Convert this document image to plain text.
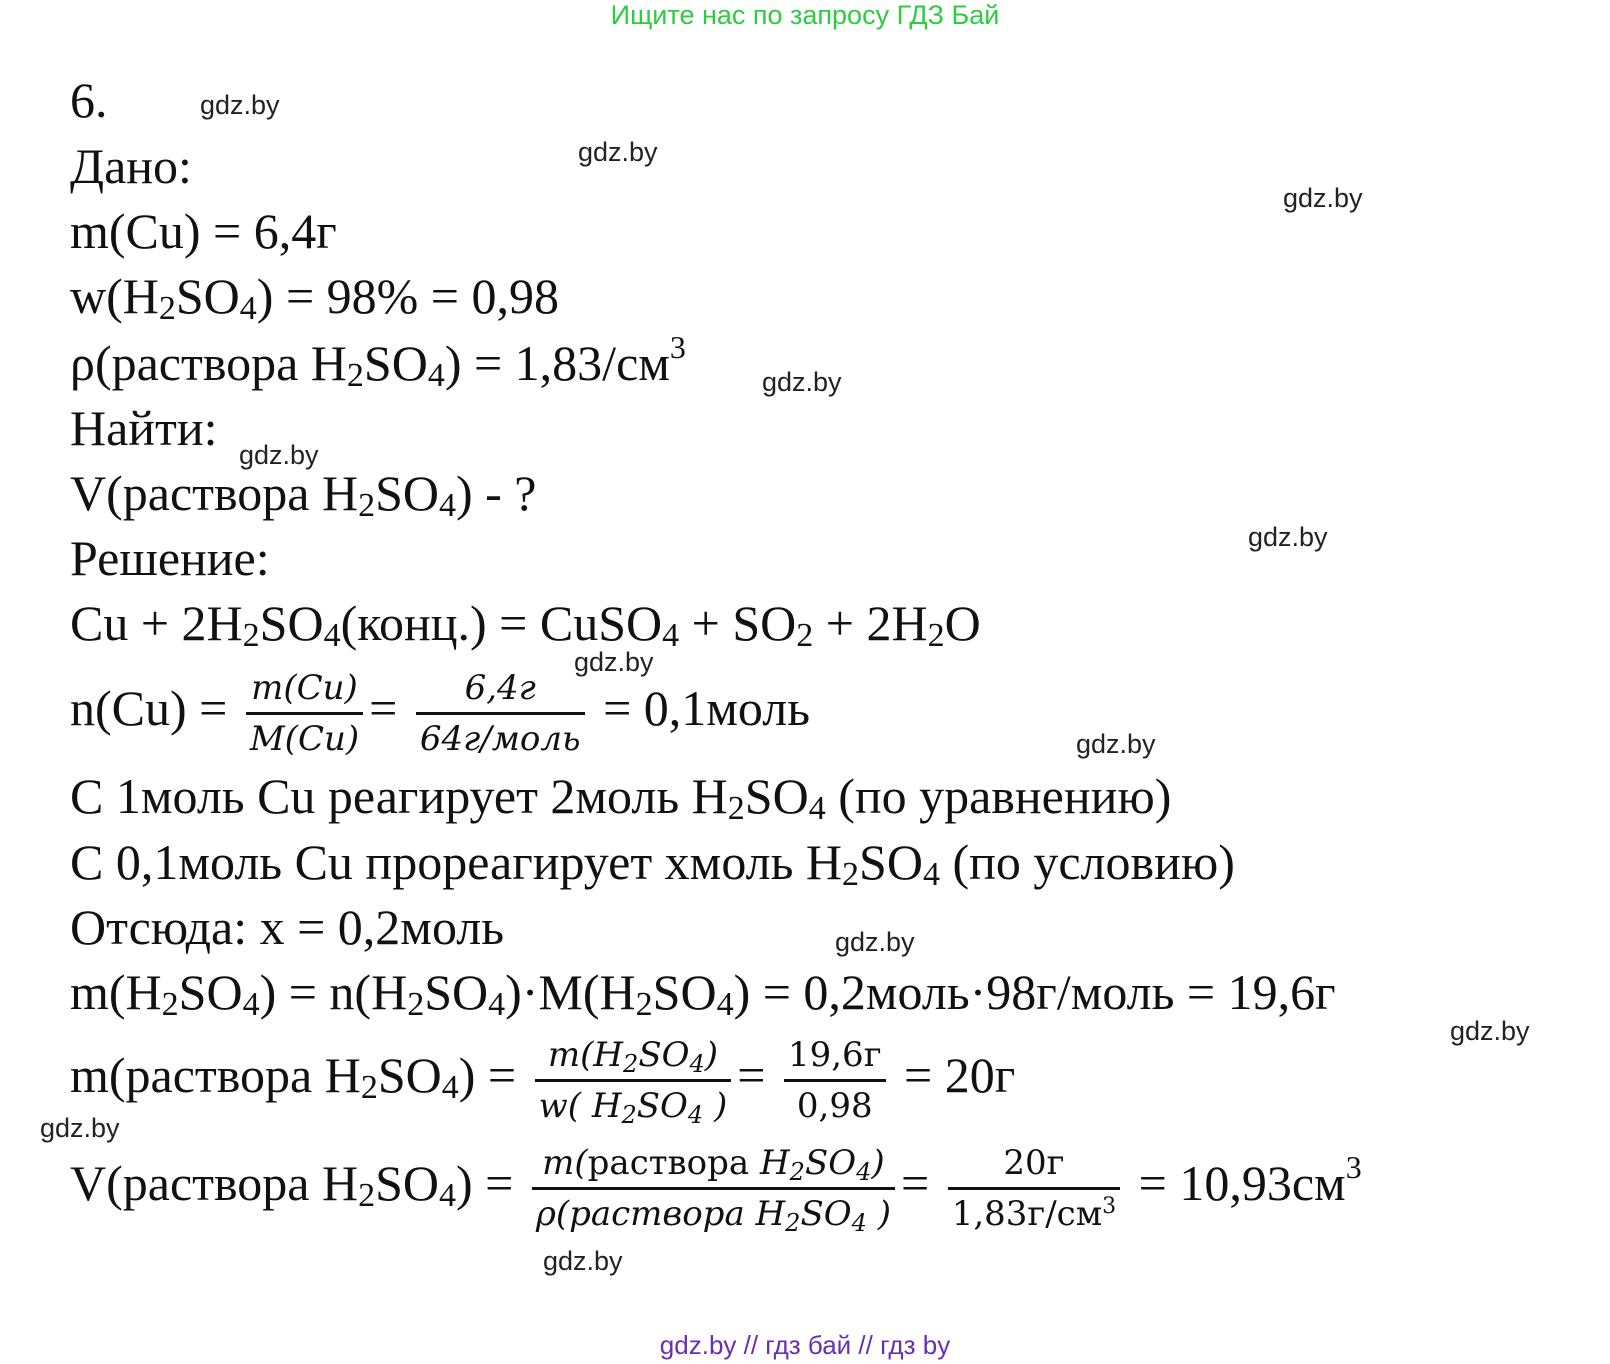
Ищите нас по запросу ГДЗ Бай
gdz.by
gdz.by
gdz.by
gdz.by
gdz.by
gdz.by
gdz.by
gdz.by
gdz.by
gdz.by
gdz.by
gdz.by
6.
Дано:
m(Cu) = 6,4г
$w(H_2SO_4) = 98\% = 0,98$
ρ(раствора $H_2SO_4) = 1,83/см^3$
Найти:
V(раствора $H_2SO_4$) - ?
Решение:
$Cu + 2H_2SO_4(конц.)$ = CuSO$_4$ + $SO_2 + 2H_2O$
$n(Cu) = \frac{m(Cu)}{M(Cu)} = \frac{6,4г}{\text{64г/моль}}$ = 0,1моль
С 1моль Cu реагирует 2моль $H_2SO_4$ (по уравнению)
С 0,1моль Cu прореагирует хмоль $H_2SO_4$ (по условию)
Отсюда: x = 0,2моль
$m(H_2SO_4) = n(H_2SO_4)\cdot M(H_2SO_4)$ = 0,2моль·98г/моль = 19,6г
m(раствора $H_2SO_4) = \frac{m(H_2SO_4)}{w( H_2SO_4 )} = \frac{19,6г}{0,98} = 20г$
V(раствора $H_2SO_4) = \frac{m(раствора H_2SO_4)}{\rho(раствора H_2SO_4 )} = \frac{20г}{1,83г/см^3} = 10,93см^3$
gdz.by // гдз бай // гдз by
